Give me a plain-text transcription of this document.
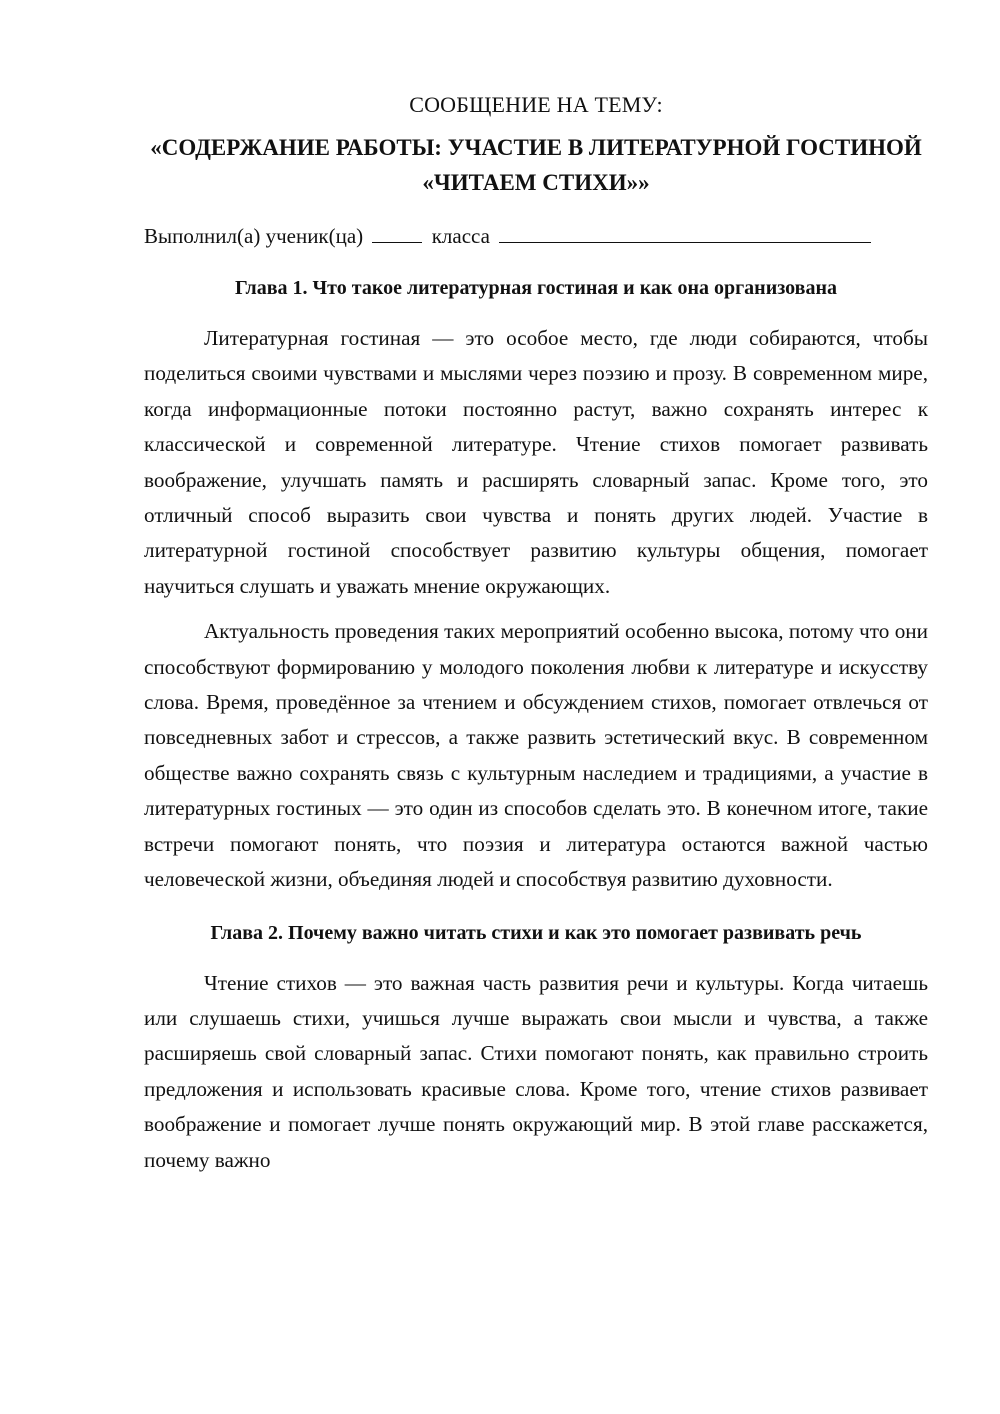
СООБЩЕНИЕ НА ТЕМУ:
«СОДЕРЖАНИЕ РАБОТЫ: УЧАСТИЕ В ЛИТЕРАТУРНОЙ ГОСТИНОЙ «ЧИТАЕМ СТИХИ»»
Выполнил(а) ученик(ца)	класса
Глава 1. Что такое литературная гостиная и как она организована

Литературная гостиная — это особое место, где люди собираются, чтобы поделиться своими чувствами и мыслями через поэзию и прозу. В современном мире, когда информационные потоки постоянно растут, важно сохранять интерес к классической и современной литературе. Чтение стихов помогает развивать воображение, улучшать память и расширять словарный запас. Кроме того, это отличный способ выразить свои чувства и понять других людей. Участие в литературной гостиной способствует развитию культуры общения, помогает научиться слушать и уважать мнение окружающих.

Актуальность проведения таких мероприятий особенно высока, потому что они способствуют формированию у молодого поколения любви к литературе и искусству слова. Время, проведённое за чтением и обсуждением стихов, помогает отвлечься от повседневных забот и стрессов, а также развить эстетический вкус. В современном обществе важно сохранять связь с культурным наследием и традициями, а участие в литературных гостиных — это один из способов сделать это. В конечном итоге, такие встречи помогают понять, что поэзия и литература остаются важной частью человеческой жизни, объединяя людей и способствуя развитию духовности.

Глава 2. Почему важно читать стихи и как это помогает развивать речь

Чтение стихов — это важная часть развития речи и культуры. Когда читаешь или слушаешь стихи, учишься лучше выражать свои мысли и чувства, а также расширяешь свой словарный запас. Стихи помогают понять, как правильно строить предложения и использовать красивые слова. Кроме того, чтение стихов развивает воображение и помогает лучше понять окружающий мир. В этой главе расскажется, почему важно
